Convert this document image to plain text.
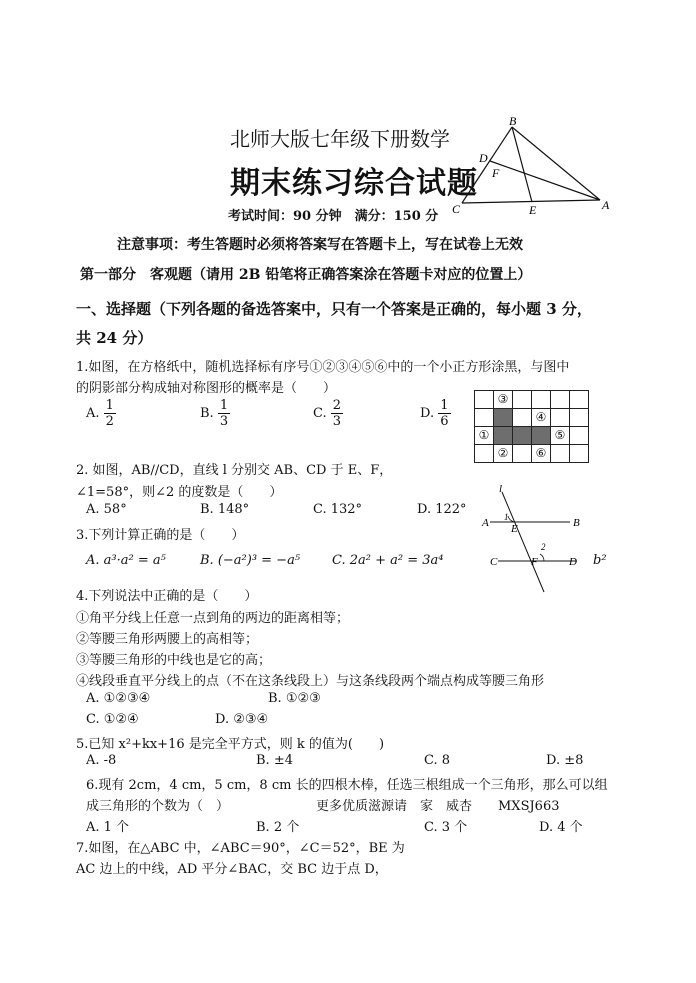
B
D
F
C	E	A
北师大版七年级下册数学
期末练习综合试题
考试时间：90 分钟　满分：150 分
注意事项：考生答题时必须将答案写在答题卡上，写在试卷上无效
第一部分　客观题（请用 2B 铅笔将正确答案涂在答题卡对应的位置上）
一、选择题（下列各题的备选答案中，只有一个答案是正确的，每小题 3 分，
共 24 分）
1.如图，在方格纸中，随机选择标有序号①②③④⑤⑥中的一个小正方形涂黑，与图中
的阴影部分构成轴对称图形的概率是（　　）
A. $\frac{1}{2}$	B. $\frac{1}{3}$	C. $\frac{2}{3}$	D. $\frac{1}{6}$
		③				
			④		
①				⑤	
	②		⑥		
2. 如图，AB//CD，直线 l 分别交 AB、CD 于 E、F，
∠1=58°，则∠2 的度数是（　　）
A. 58°	B. 148°	C. 132°	D. 122°
l
A 1
E	B
2
C	F	D
3.下列计算正确的是（　　）
A. a³·a² = a⁵	B. (−a²)³ = −a⁵ C. 2a² + a² = 3a⁴	b²
4.下列说法中正确的是（　　）
①角平分线上任意一点到角的两边的距离相等；
②等腰三角形两腰上的高相等；
③等腰三角形的中线也是它的高；
④线段垂直平分线上的点（不在这条线段上）与这条线段两个端点构成等腰三角形
A. ①②③④	B. ①②③
C. ①②④	D. ②③④
5.已知 x²+kx+16 是完全平方式，则 k 的值为(　　)
A. -8	B. ±4	C. 8	D. ±8
6.现有 2cm，4 cm，5 cm，8 cm 长的四根木棒，任选三根组成一个三角形，那么可以组
成三角形的个数为（　）	更多优质滋源请　家　威杏　　MXSJ663
A. 1 个	B. 2 个	C. 3 个	D. 4 个
7.如图，在△ABC 中，∠ABC＝90°，∠C＝52°，BE 为
AC 边上的中线，AD 平分∠BAC，交 BC 边于点 D，
